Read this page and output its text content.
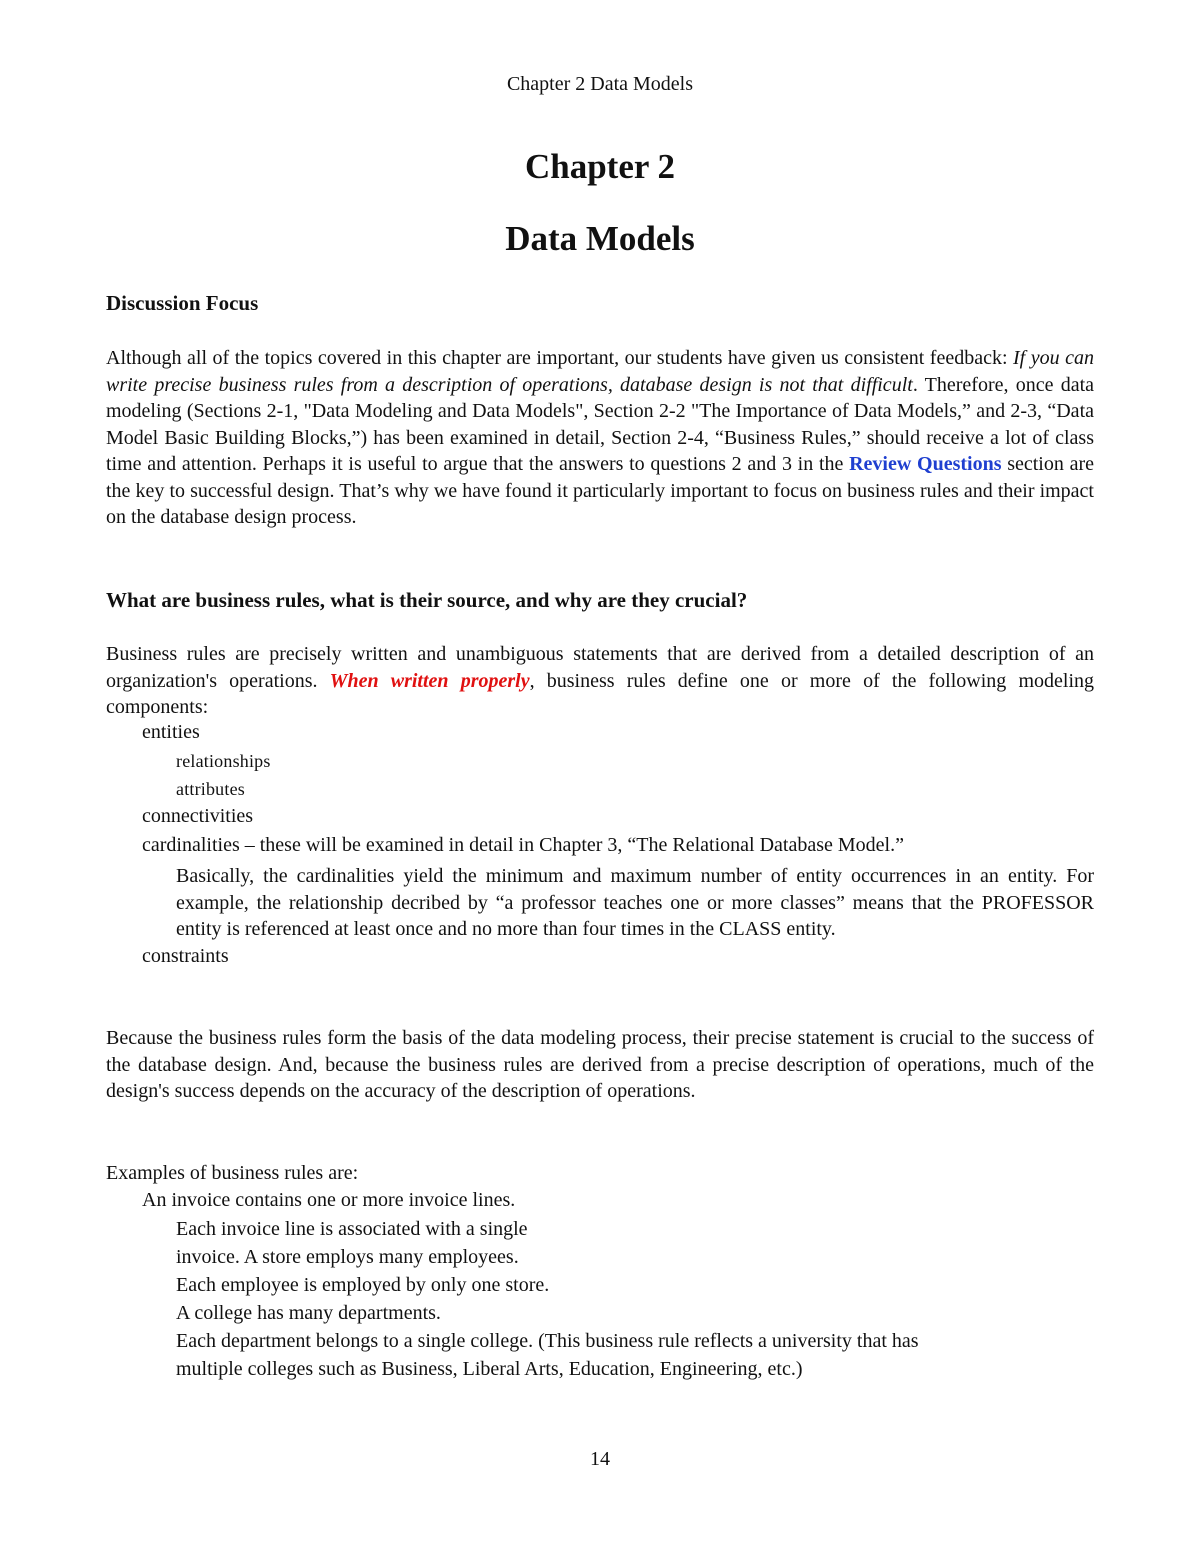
Chapter 2 Data Models
Chapter 2
Data Models

Discussion Focus

Although all of the topics covered in this chapter are important, our students have given us consistent feedback: If you can write precise business rules from a description of operations, database design is not that difficult. Therefore, once data modeling (Sections 2-1, "Data Modeling and Data Models", Section 2-2 "The Importance of Data Models,” and 2-3, “Data Model Basic Building Blocks,”) has been examined in detail, Section 2-4, “Business Rules,” should receive a lot of class time and attention. Perhaps it is useful to argue that the answers to questions 2 and 3 in the Review Questions section are the key to successful design. That’s why we have found it particularly important to focus on business rules and their impact on the database design process.

What are business rules, what is their source, and why are they crucial?

Business rules are precisely written and unambiguous statements that are derived from a detailed description of an organization's operations. When written properly, business rules define one or more of the following modeling components:

entities
relationships
attributes
connectivities
cardinalities – these will be examined in detail in Chapter 3, “The Relational Database Model.”
Basically, the cardinalities yield the minimum and maximum number of entity occurrences in an entity. For example, the relationship decribed by “a professor teaches one or more classes” means that the PROFESSOR entity is referenced at least once and no more than four times in the CLASS entity.
constraints

Because the business rules form the basis of the data modeling process, their precise statement is crucial to the success of the database design. And, because the business rules are derived from a precise description of operations, much of the design's success depends on the accuracy of the description of operations.

Examples of business rules are:
An invoice contains one or more invoice lines.
Each invoice line is associated with a single
invoice. A store employs many employees.
Each employee is employed by only one store.
A college has many departments.
Each department belongs to a single college. (This business rule reflects a university that has
multiple colleges such as Business, Liberal Arts, Education, Engineering, etc.)
14
